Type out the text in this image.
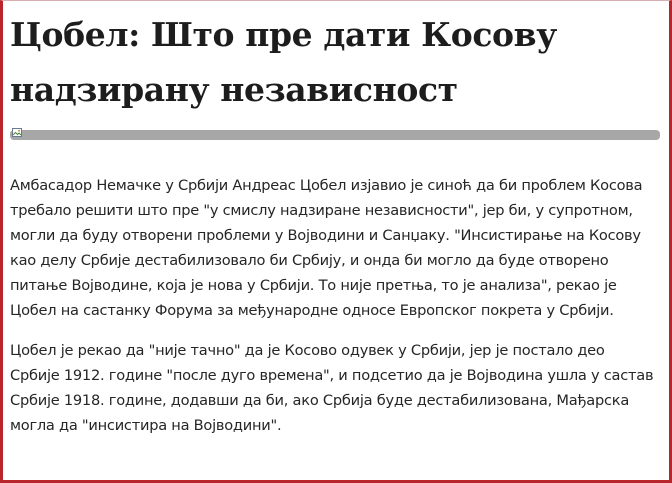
Цобел: Што пре дати Косову надзирану независност

Амбасадор Немачке у Србији Андреас Цобел изјавио је синоћ да би проблем Косова требало решити што пре "у смислу надзиране независности", јер би, у супротном, могли да буду отворени проблеми у Војводини и Санџаку. "Инсистирање на Косову као делу Србије дестабилизовало би Србију, и онда би могло да буде отворено питање Војводине, која је нова у Србији. То није претња, то је анализа", рекао је Цобел на састанку Форума за међународне односе Европског покрета у Србији.

Цобел је рекао да "није тачно" да је Косово одувек у Србији, јер је постало део Србије 1912. године "после дуго времена", и подсетио да је Војводина ушла у састав Србије 1918. године, додавши да би, ако Србија буде дестабилизована, Мађарска могла да "инсистира на Војводини".
